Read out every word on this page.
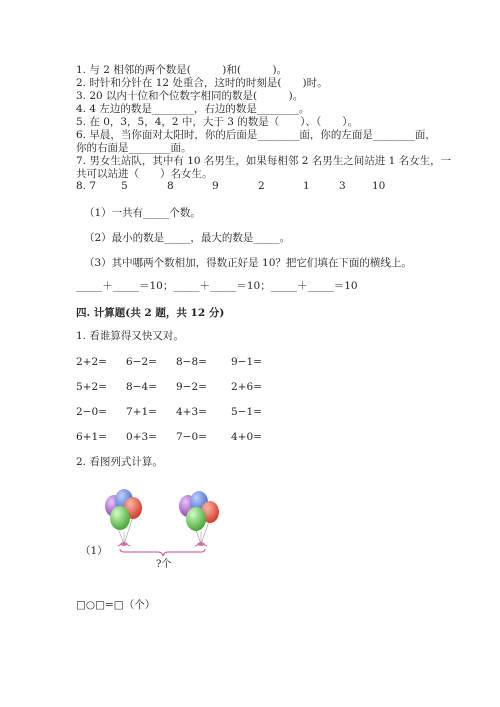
1. 与 2 相邻的两个数是(　　　)和(　　　)。
2. 时针和分针在 12 处重合，这时的时刻是(　　)时。
3. 20 以内十位和个位数字相同的数是(　　　)。
4. 4 左边的数是________，右边的数是________。
5. 在 0，3，5，4，2 中，大于 3 的数是（　　）、（　　）。
6. 早晨，当你面对太阳时，你的后面是________面，你的左面是________面，
你的右面是________面。
7. 男女生站队，其中有 10 名男生，如果每相邻 2 名男生之间站进 1 名女生，一
共可以站进（　　）名女生。
8. 7 5	8	9	2	1	3	10
（1）一共有_____个数。
（2）最小的数是_____，最大的数是_____。
（3）其中哪两个数相加，得数正好是 10？把它们填在下面的横线上。
_____＋_____＝10；_____＋_____＝10；_____＋_____＝10
四. 计算题(共 2 题，共 12 分)
1. 看谁算得又快又对。
2+2= 6−2= 8−8= 9−1=
5+2= 8−4= 9−2= 2+6=
2−0= 7+1= 4+3= 5−1=
6+1= 0+3= 7−0= 4+0=
2. 看图列式计算。
（1）
?个
□○□=□（个）
